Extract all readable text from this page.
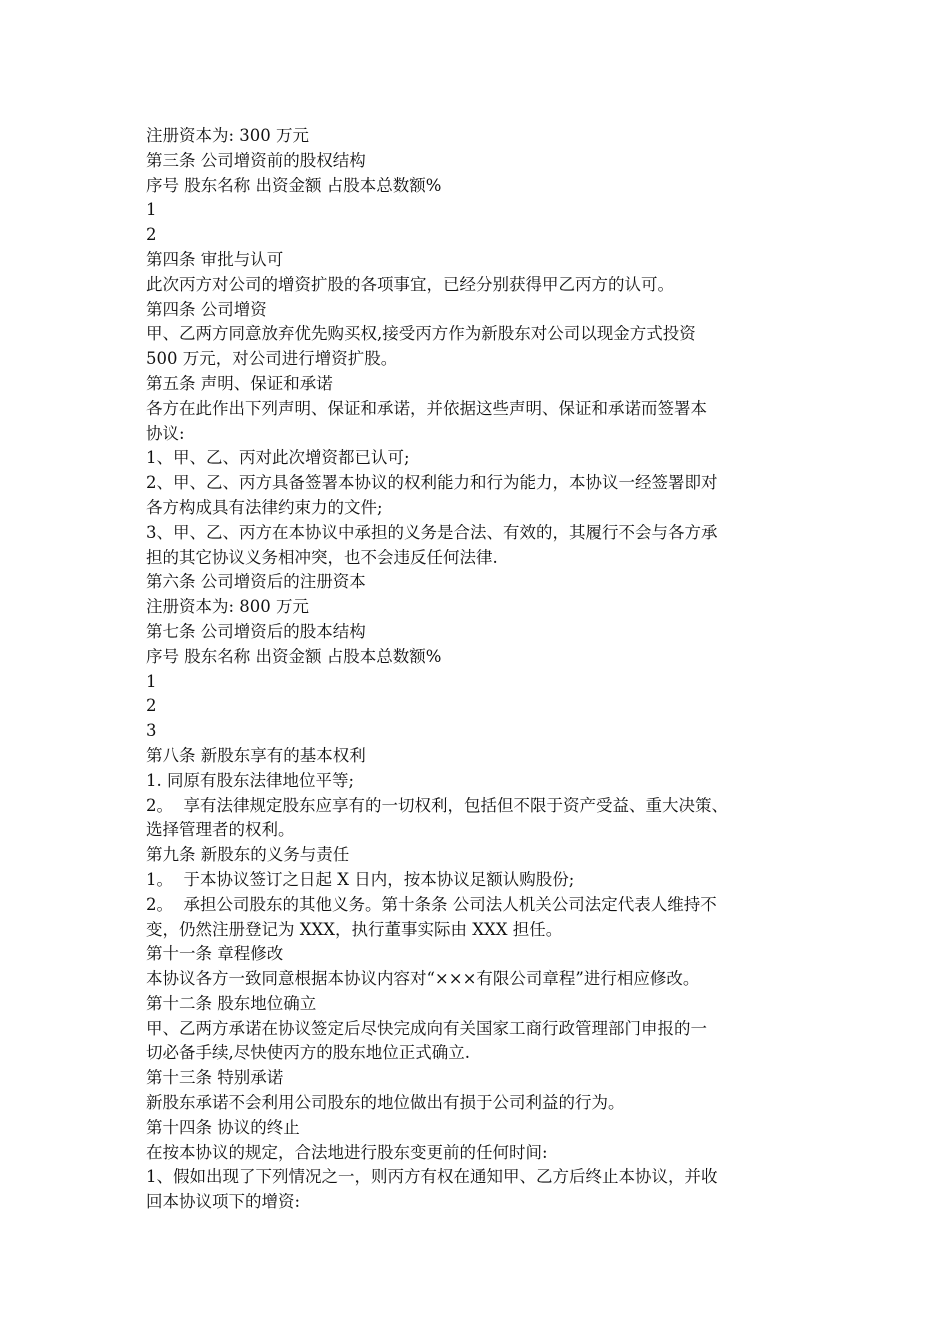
注册资本为: 300 万元

第三条 公司增资前的股权结构

序号 股东名称 出资金额 占股本总数额%

1

2

第四条 审批与认可

此次丙方对公司的增资扩股的各项事宜，已经分别获得甲乙丙方的认可。

第四条 公司增资

甲、乙两方同意放弃优先购买权,接受丙方作为新股东对公司以现金方式投资

500 万元，对公司进行增资扩股。

第五条 声明、保证和承诺

各方在此作出下列声明、保证和承诺，并依据这些声明、保证和承诺而签署本

协议:

1、甲、乙、丙对此次增资都已认可;

2、甲、乙、丙方具备签署本协议的权利能力和行为能力，本协议一经签署即对

各方构成具有法律约束力的文件;

3、甲、乙、丙方在本协议中承担的义务是合法、有效的，其履行不会与各方承

担的其它协议义务相冲突，也不会违反任何法律.

第六条 公司增资后的注册资本

注册资本为: 800 万元

第七条 公司增资后的股本结构

序号 股东名称 出资金额 占股本总数额%

1

2

3

第八条 新股东享有的基本权利

1. 同原有股东法律地位平等;

2。  享有法律规定股东应享有的一切权利，包括但不限于资产受益、重大决策、

选择管理者的权利。

第九条 新股东的义务与责任

1。  于本协议签订之日起 X 日内，按本协议足额认购股份;

2。  承担公司股东的其他义务。第十条条 公司法人机关公司法定代表人维持不

变，仍然注册登记为 XXX，执行董事实际由 XXX 担任。

第十一条 章程修改

本协议各方一致同意根据本协议内容对“×××有限公司章程”进行相应修改。

第十二条 股东地位确立

甲、乙两方承诺在协议签定后尽快完成向有关国家工商行政管理部门申报的一

切必备手续,尽快使丙方的股东地位正式确立.

第十三条 特别承诺

新股东承诺不会利用公司股东的地位做出有损于公司利益的行为。

第十四条 协议的终止

在按本协议的规定，合法地进行股东变更前的任何时间:

1、假如出现了下列情况之一，则丙方有权在通知甲、乙方后终止本协议，并收

回本协议项下的增资:
